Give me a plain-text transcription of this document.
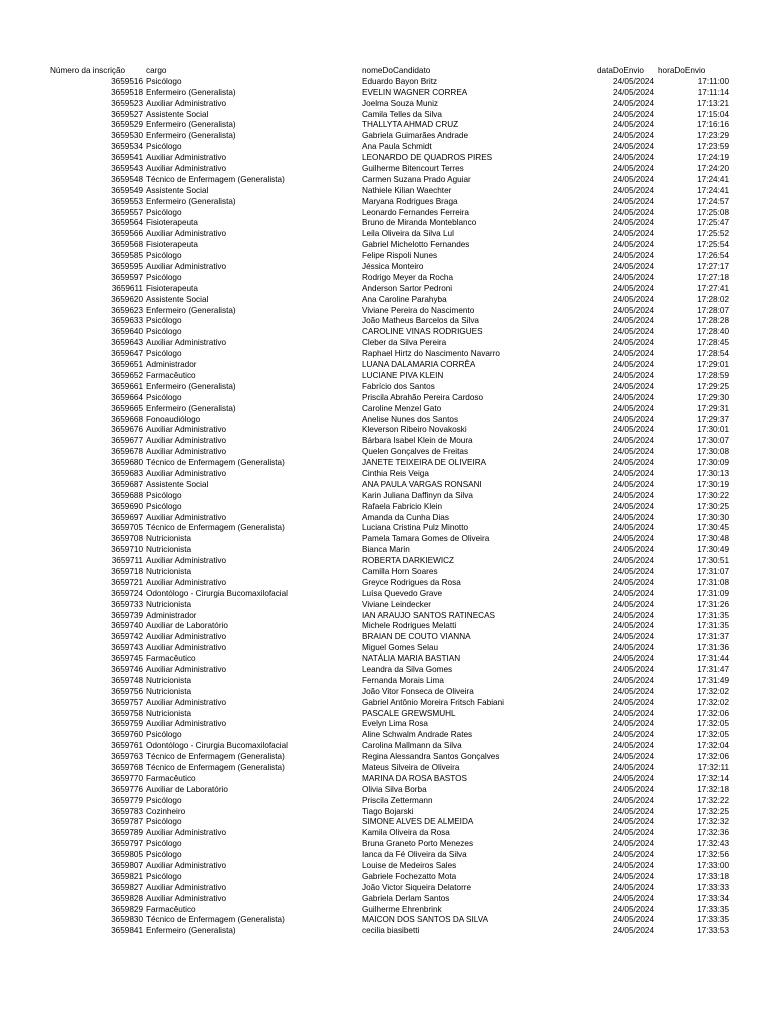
Número da inscrição	cargo	nomeDoCandidato	dataDoEnvio horaDoEnvio
3659516 Psicólogo	Eduardo Bayon Britz	24/05/2024	17:11:00
3659518 Enfermeiro (Generalista)	EVELIN WAGNER CORREA	24/05/2024	17:11:14
3659523 Auxiliar Administrativo	Joelma Souza Muniz	24/05/2024	17:13:21
3659527 Assistente Social	Camila Telles da Silva	24/05/2024	17:15:04
3659529 Enfermeiro (Generalista)	THALLYTA AHMAD CRUZ	24/05/2024	17:16:16
3659530 Enfermeiro (Generalista)	Gabriela Guimarães Andrade	24/05/2024	17:23:29
3659534 Psicólogo	Ana Paula Schmidt	24/05/2024	17:23:59
3659541 Auxiliar Administrativo	LEONARDO DE QUADROS PIRES	24/05/2024	17:24:19
3659543 Auxiliar Administrativo	Guilherme Bitencourt Terres	24/05/2024	17:24:20
3659548 Técnico de Enfermagem (Generalista)	Carmen Suzana Prado Aguiar	24/05/2024	17:24:41
3659549 Assistente Social	Nathiele Kilian Waechter	24/05/2024	17:24:41
3659553 Enfermeiro (Generalista)	Maryana Rodrigues Braga	24/05/2024	17:24:57
3659557 Psicólogo	Leonardo Fernandes Ferreira	24/05/2024	17:25:08
3659564 Fisioterapeuta	Bruno de Miranda Monteblanco	24/05/2024	17:25:47
3659566 Auxiliar Administrativo	Leila Oliveira da Silva Lul	24/05/2024	17:25:52
3659568 Fisioterapeuta	Gabriel Michelotto Fernandes	24/05/2024	17:25:54
3659585 Psicólogo	Felipe Rispoli Nunes	24/05/2024	17:26:54
3659595 Auxiliar Administrativo	Jéssica Monteiro	24/05/2024	17:27:17
3659597 Psicólogo	Rodrigo Meyer da Rocha	24/05/2024	17:27:18
3659611 Fisioterapeuta	Anderson Sartor Pedroni	24/05/2024	17:27:41
3659620 Assistente Social	Ana Caroline Parahyba	24/05/2024	17:28:02
3659623 Enfermeiro (Generalista)	Viviane Pereira do Nascimento	24/05/2024	17:28:07
3659633 Psicólogo	João Matheus Barcelos da Silva	24/05/2024	17:28:28
3659640 Psicólogo	CAROLINE VINAS RODRIGUES	24/05/2024	17:28:40
3659643 Auxiliar Administrativo	Cleber da Silva Pereira	24/05/2024	17:28:45
3659647 Psicólogo	Raphael Hirtz do Nascimento Navarro	24/05/2024	17:28:54
3659651 Administrador	LUANA DALAMARIA CORRÊA	24/05/2024	17:29:01
3659652 Farmacêutico	LUCIANE PIVA KLEIN	24/05/2024	17:28:59
3659661 Enfermeiro (Generalista)	Fabrício dos Santos	24/05/2024	17:29:25
3659664 Psicólogo	Priscila Abrahão Pereira Cardoso	24/05/2024	17:29:30
3659665 Enfermeiro (Generalista)	Caroline Menzel Gato	24/05/2024	17:29:31
3659668 Fonoaudiólogo	Anelise Nunes dos Santos	24/05/2024	17:29:37
3659676 Auxiliar Administrativo	Kleverson Ribeiro Novakoski	24/05/2024	17:30:01
3659677 Auxiliar Administrativo	Bárbara Isabel Klein de Moura	24/05/2024	17:30:07
3659678 Auxiliar Administrativo	Quelen Gonçalves de Freitas	24/05/2024	17:30:08
3659680 Técnico de Enfermagem (Generalista)	JANETE TEIXEIRA DE OLIVEIRA	24/05/2024	17:30:09
3659683 Auxiliar Administrativo	Cinthia Reis Veiga	24/05/2024	17:30:13
3659687 Assistente Social	ANA PAULA VARGAS RONSANI	24/05/2024	17:30:19
3659688 Psicólogo	Karin Juliana Daffinyn da Silva	24/05/2024	17:30:22
3659690 Psicólogo	Rafaela Fabricio Klein	24/05/2024	17:30:25
3659697 Auxiliar Administrativo	Amanda da Cunha Dias	24/05/2024	17:30:30
3659705 Técnico de Enfermagem (Generalista)	Luciana Cristina Pulz Minotto	24/05/2024	17:30:45
3659708 Nutricionista	Pamela Tamara Gomes de Oliveira	24/05/2024	17:30:48
3659710 Nutricionista	Bianca Marin	24/05/2024	17:30:49
3659711 Auxiliar Administrativo	ROBERTA DARKIEWICZ	24/05/2024	17:30:51
3659718 Nutricionista	Camilla Horn Soares	24/05/2024	17:31:07
3659721 Auxiliar Administrativo	Greyce Rodrigues da Rosa	24/05/2024	17:31:08
3659724 Odontólogo - Cirurgia Bucomaxilofacial	Luísa Quevedo Grave	24/05/2024	17:31:09
3659733 Nutricionista	Viviane Leindecker	24/05/2024	17:31:26
3659739 Administrador	IAN ARAUJO SANTOS RATINECAS	24/05/2024	17:31:35
3659740 Auxiliar de Laboratório	Michele Rodrigues Melatti	24/05/2024	17:31:35
3659742 Auxiliar Administrativo	BRAIAN DE COUTO VIANNA	24/05/2024	17:31:37
3659743 Auxiliar Administrativo	Miguel Gomes Selau	24/05/2024	17:31:36
3659745 Farmacêutico	NATÁLIA MARIA BASTIAN	24/05/2024	17:31:44
3659746 Auxiliar Administrativo	Leandra da Silva Gomes	24/05/2024	17:31:47
3659748 Nutricionista	Fernanda Morais Lima	24/05/2024	17:31:49
3659756 Nutricionista	João Vitor Fonseca de Oliveira	24/05/2024	17:32:02
3659757 Auxiliar Administrativo	Gabriel Antônio Moreira Fritsch Fabiani	24/05/2024	17:32:02
3659758 Nutricionista	PASCALE GREWSMUHL	24/05/2024	17:32:06
3659759 Auxiliar Administrativo	Evelyn Lima Rosa	24/05/2024	17:32:05
3659760 Psicólogo	Aline Schwalm Andrade Rates	24/05/2024	17:32:05
3659761 Odontólogo - Cirurgia Bucomaxilofacial	Carolina Mallmann da Silva	24/05/2024	17:32:04
3659763 Técnico de Enfermagem (Generalista)	Regina Alessandra Santos Gonçalves	24/05/2024	17:32:06
3659768 Técnico de Enfermagem (Generalista)	Mateus Silveira de Oliveira	24/05/2024	17:32:11
3659770 Farmacêutico	MARINA DA ROSA BASTOS	24/05/2024	17:32:14
3659776 Auxiliar de Laboratório	Olivia Silva Borba	24/05/2024	17:32:18
3659779 Psicólogo	Priscila Zettermann	24/05/2024	17:32:22
3659783 Cozinheiro	Tiago Bojarski	24/05/2024	17:32:25
3659787 Psicólogo	SIMONE ALVES DE ALMEIDA	24/05/2024	17:32:32
3659789 Auxiliar Administrativo	Kamila Oliveira da Rosa	24/05/2024	17:32:36
3659797 Psicólogo	Bruna Graneto Porto Menezes	24/05/2024	17:32:43
3659805 Psicólogo	Ianca da Fé Oliveira da Silva	24/05/2024	17:32:56
3659807 Auxiliar Administrativo	Louise de Medeiros Sales	24/05/2024	17:33:00
3659821 Psicólogo	Gabriele Fochezatto Mota	24/05/2024	17:33:18
3659827 Auxiliar Administrativo	João Victor Siqueira Delatorre	24/05/2024	17:33:33
3659828 Auxiliar Administrativo	Gabriela Derlam Santos	24/05/2024	17:33:34
3659829 Farmacêutico	Guilherme Ehrenbrink	24/05/2024	17:33:35
3659830 Técnico de Enfermagem (Generalista)	MAICON DOS SANTOS DA SILVA	24/05/2024	17:33:35
3659841 Enfermeiro (Generalista)	cecilia biasibetti	24/05/2024	17:33:53
